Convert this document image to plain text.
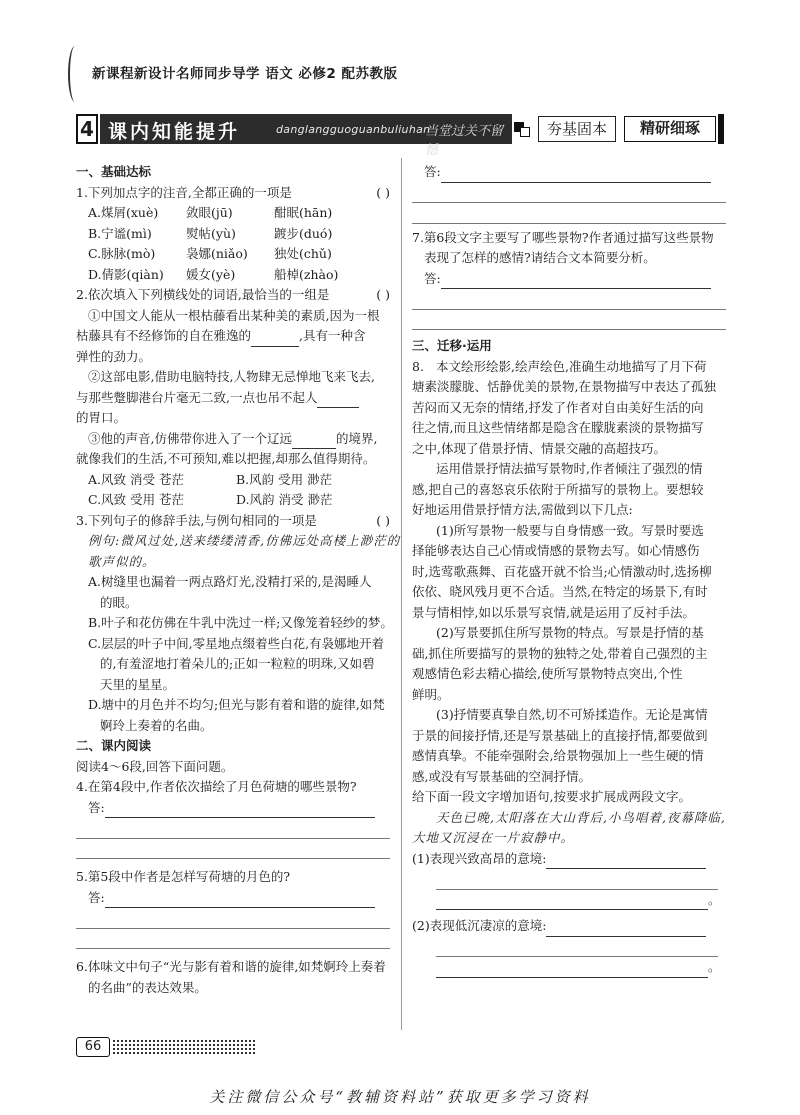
新课程新设计名师同步导学 语文 必修2 配苏教版
4 课内知能提升	danglangguoguanbuliuhan
当堂过关不留憾
夯基固本	精研细琢
一、基础达标
1.下列加点字的注音,全都正确的一项是	( )
A.煤屑(xuè)	敛眼(jū)	酣眠(hān)
B.宁谧(mì)	熨帖(yù)	踱步(duó)
C.脉脉(mò)	袅娜(niǎo)	独处(chǔ)
D.倩影(qiàn)	媛女(yè)	船棹(zhào)
2.依次填入下列横线处的词语,最恰当的一组是	( )
①中国文人能从一根枯藤看出某种美的素质,因为一根
枯藤具有不经修饰的自在雅逸的	,具有一种含
弹性的劲力。
②这部电影,借助电脑特技,人物肆无忌惮地飞来飞去,
与那些蹩脚港台片毫无二致,一点也吊不起人
的胃口。
③他的声音,仿佛带你进入了一个辽远	的境界,
就像我们的生活,不可预知,难以把握,却那么值得期待。
A.风致 消受 苍茫	B.风韵 受用 渺茫
C.风致 受用 苍茫	D.风韵 消受 渺茫
3.下列句子的修辞手法,与例句相同的一项是	( )
例句:微风过处,送来缕缕清香,仿佛远处高楼上渺茫的
歌声似的。
A.树缝里也漏着一两点路灯光,没精打采的,是渴睡人
的眼。
B.叶子和花仿佛在牛乳中洗过一样;又像笼着轻纱的梦。
C.层层的叶子中间,零星地点缀着些白花,有袅娜地开着
的,有羞涩地打着朵儿的;正如一粒粒的明珠,又如碧
天里的星星。
D.塘中的月色并不均匀;但光与影有着和谐的旋律,如梵
婀玲上奏着的名曲。
二、课内阅读
阅读4～6段,回答下面问题。
4.在第4段中,作者依次描绘了月色荷塘的哪些景物?
答:
5.第5段中作者是怎样写荷塘的月色的?
答:
6.体味文中句子“光与影有着和谐的旋律,如梵婀玲上奏着
的名曲”的表达效果。
答:
7.第6段文字主要写了哪些景物?作者通过描写这些景物
表现了怎样的感情?请结合文本简要分析。
答:
三、迁移·运用
8. 本文绘形绘影,绘声绘色,准确生动地描写了月下荷
塘素淡朦胧、恬静优美的景物,在景物描写中表达了孤独
苦闷而又无奈的情绪,抒发了作者对自由美好生活的向
往之情,而且这些情绪都是隐含在朦胧素淡的景物描写
之中,体现了借景抒情、情景交融的高超技巧。
运用借景抒情法描写景物时,作者倾注了强烈的情
感,把自己的喜怒哀乐依附于所描写的景物上。要想较
好地运用借景抒情方法,需做到以下几点:
(1)所写景物一般要与自身情感一致。写景时要选
择能够表达自己心情或情感的景物去写。如心情感伤
时,选莺歌燕舞、百花盛开就不恰当;心情激动时,选扬柳
依依、晓风残月更不合适。当然,在特定的场景下,有时
景与情相悖,如以乐景写哀情,就是运用了反衬手法。
(2)写景要抓住所写景物的特点。写景是抒情的基
础,抓住所要描写的景物的独特之处,带着自己强烈的主
观感情色彩去精心描绘,使所写景物特点突出,个性
鲜明。
(3)抒情要真挚自然,切不可矫揉造作。无论是寓情
于景的间接抒情,还是写景基础上的直接抒情,都要做到
感情真挚。不能牵强附会,给景物强加上一些生硬的情
感,或没有写景基础的空洞抒情。
给下面一段文字增加语句,按要求扩展成两段文字。
天色已晚,太阳落在大山背后,小鸟唱着,夜幕降临,
大地又沉浸在一片寂静中。
(1)表现兴致高昂的意境:
。
(2)表现低沉凄凉的意境:
。
66
关注微信公众号“教辅资料站”获取更多学习资料
